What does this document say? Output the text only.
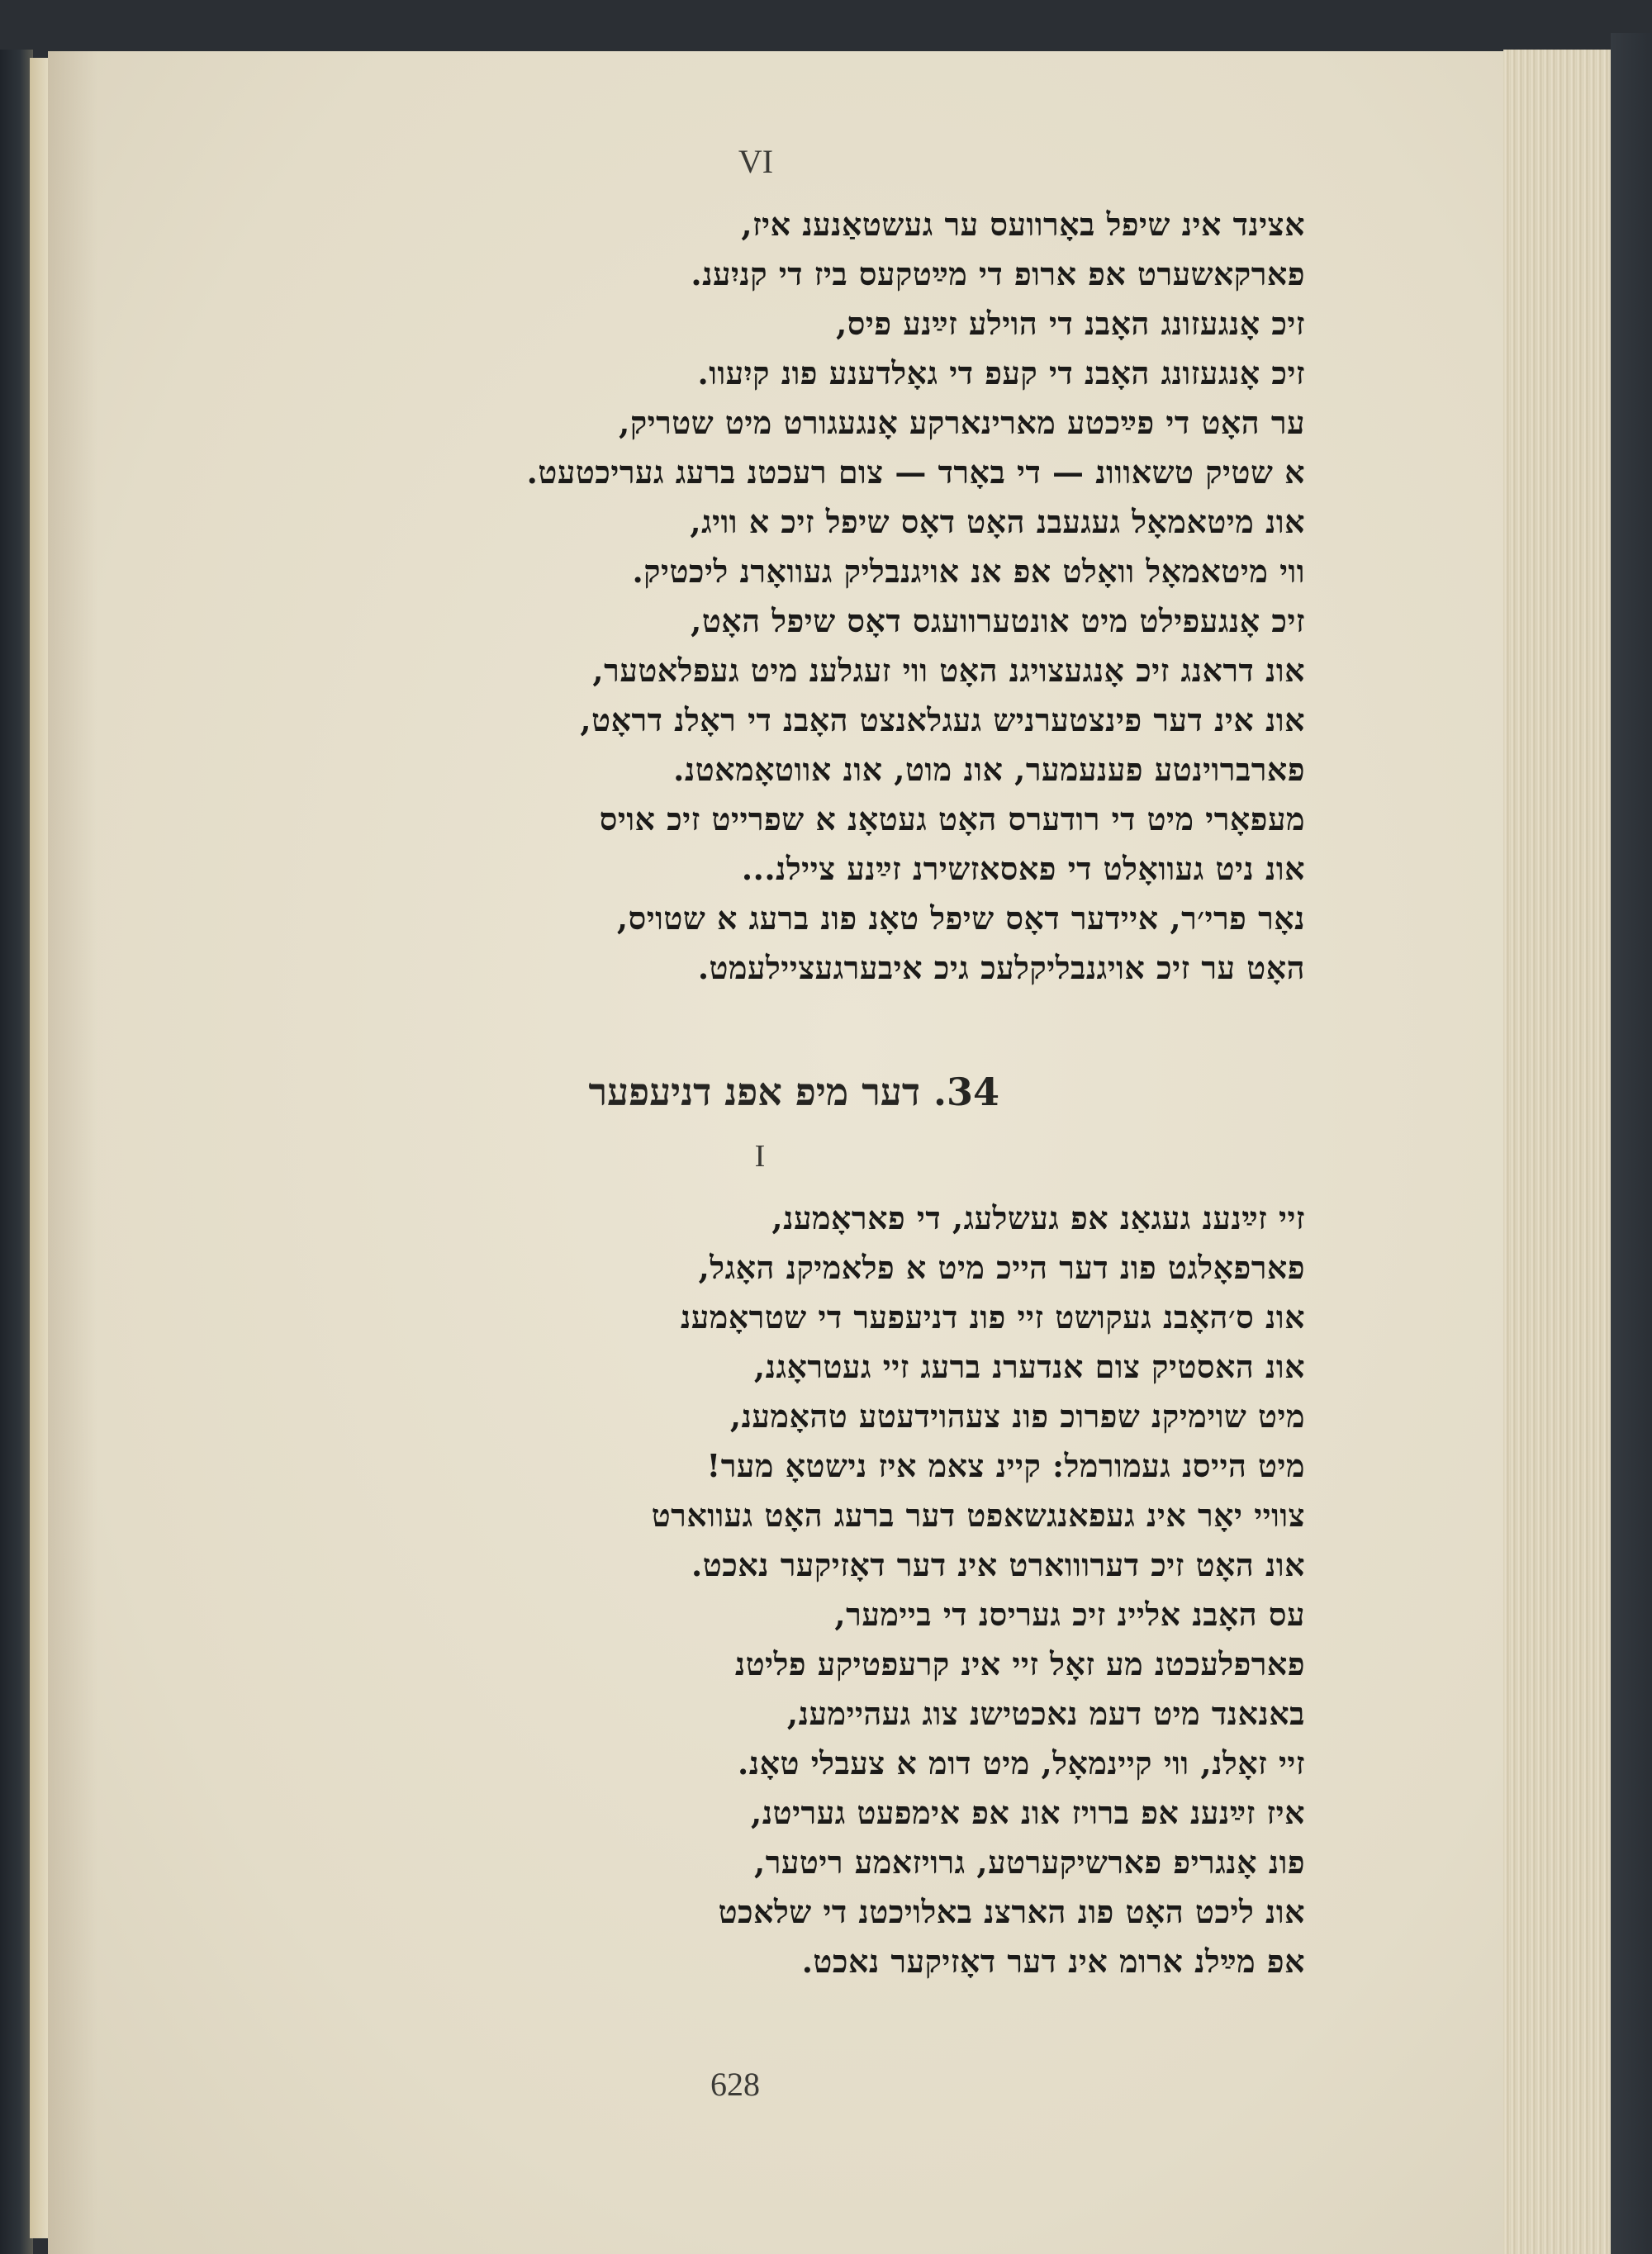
VI
אצינד אינ שיפל באָרוועס ער געשטאַנענ איז,
פארקאשערט אפ ארופ די מײַטקעס ביז די קניִענ.
זיכ אָנגעזונג האָבנ די הוילע זײַנע פיס,
זיכ אָנגעזונג האָבנ די קעפ די גאָלדענע פונ קיִעוו.
ער האָט די פײַכטע מארינארקע אָנגעגורט מיט שטריק,
א שטיק טשאווונ — די באָרד — צום רעכטנ ברעג געריכטעט.
אונ מיטאמאָל געגעבנ האָט דאָס שיפל זיכ א וויג,
ווי מיטאמאָל וואָלט אפ אנ אויגנבליק געוואָרנ ליכטיק.
זיכ אָנגעפילט מיט אונטערוועגס דאָס שיפל האָט,
אונ דראנג זיכ אָנגעצויגנ האָט ווי זעגלענ מיט געפלאטער,
אונ אינ דער פינצטערניש געגלאנצט האָבנ די ראָלנ דראָט,
פארברוינטע פענעמער, אונ מוט, אונ אווטאָמאטנ.
מעפאָרי מיט די רודערס האָט געטאָנ א שפרייט זיכ אויס
אונ ניט געוואָלט די פאסאזשירנ זײַנע ציילנ...
נאָר פרי׳ר, איידער דאָס שיפל טאָנ פונ ברעג א שטויס,
האָט ער זיכ אויגנבליקלעכ גיכ איבערגעציילעמט.
34. דער מיפ אפנ דניעפער
I
זיי זײַנענ געגאַנ אפ געשלעג, די פאראָמענ,
פארפאָלגט פונ דער הייכ מיט א פלאמיקנ האָגל,
אונ ס׳האָבנ געקושט זיי פונ דניעפער די שטראָמענ
אונ האסטיק צום אנדערנ ברעג זיי געטראָגנ,
מיט שוימיקנ שפרוכ פונ צעהוידעטע טהאָמענ,
מיט הייסנ געמורמל: קיינ צאמ איז נישטאָ מער!
צוויי יאָר אינ געפאנגשאפט דער ברעג האָט געווארט
אונ האָט זיכ דערוווארט אינ דער דאָזיקער נאכט.
עס האָבנ אליינ זיכ געריסנ די ביימער,
פארפלעכטנ מע זאָל זיי אינ קרעפטיקע פליטנ
באנאנד מיט דעמ נאכטישנ צוג געהיימענ,
זיי זאָלנ, ווי קיינמאָל, מיט דומ א צעבלי טאָנ.
איז זײַנענ אפ ברויז אונ אפ אימפעט געריטנ,
פונ אָנגריפ פארשיקערטע, גרויזאמע ריטער,
אונ ליכט האָט פונ הארצנ באלויכטנ די שלאכט
אפ מײַלנ ארומ אינ דער דאָזיקער נאכט.
628
